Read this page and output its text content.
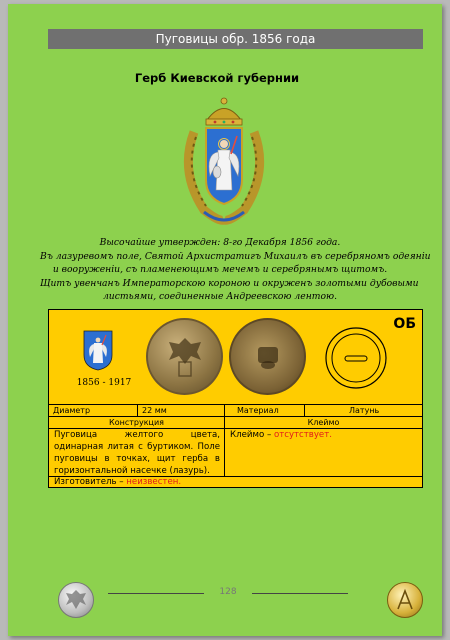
Пуговицы обр. 1856 года
Герб Киевской губернии
Высочайше утвержден: 8-го Декабря 1856 года.
Въ лазуревомъ поле, Святой Архистратигъ Михаилъ въ серебряномъ одеянiи
и вооруженiи, съ пламенеющимъ мечемъ и серебрянымъ щитомъ.
Щитъ увенчанъ Императорскою короною и окруженъ золотыми дубовыми
листьями, соединенные Андреевскою лентою.
ОБ
1856 - 1917
Диаметр	22 мм	Материал	Латунь
Конструкция	Клеймо
Пуговица желтого цвета, одинарная литая с буртиком. Поле пуговицы в точках, щит герба в горизонтальной насечке (лазурь).
Клеймо – отсутствует.
Изготовитель – неизвестен.
128
